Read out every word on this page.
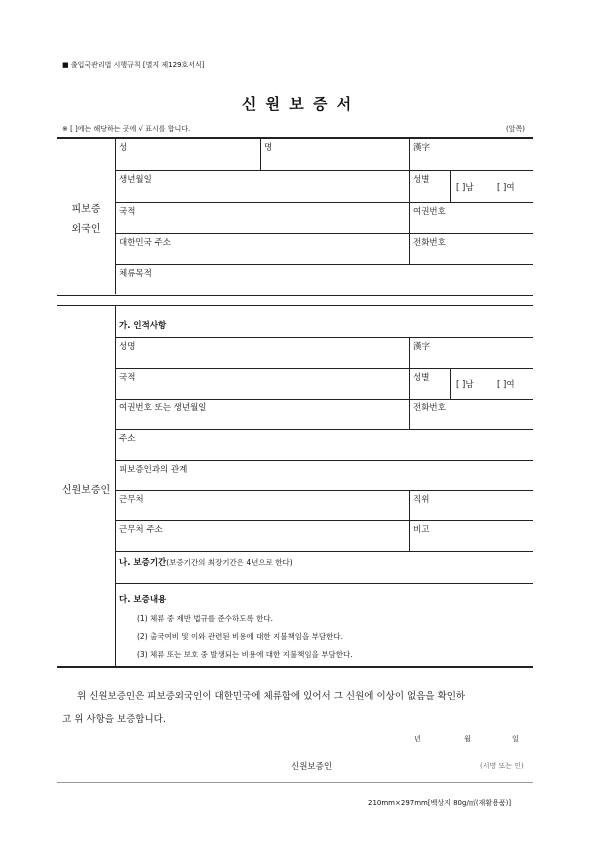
■ 출입국관리법 시행규칙 [별지 제129호서식]
신 원 보 증 서
※ [ ]에는 해당하는 곳에 √ 표시를 합니다.	(앞쪽)
피보증
외국인
성	명	漢字
생년월일	성별
[ ]남	[ ]여
국적	여권번호
대한민국 주소	전화번호
체류목적
신원보증인
가. 인적사항
성명	漢字
국적	성별
[ ]남	[ ]여
여권번호 또는 생년월일	전화번호
주소
피보증인과의 관계
근무처	직위
근무처 주소	비고
나. 보증기간(보증기간의 최장기간은 4년으로 한다)
다. 보증내용
(1) 체류 중 제반 법규를 준수하도록 한다.
(2) 출국여비 및 이와 관련된 비용에 대한 지불책임을 부담한다.
(3) 체류 또는 보호 중 발생되는 비용에 대한 지불책임을 부담한다.
위 신원보증인은 피보증외국인이 대한민국에 체류함에 있어서 그 신원에 이상이 없음을 확인하
고 위 사항을 보증합니다.
년	월	일
신원보증인	(서명 또는 인)
210mm×297mm[백상지 80g/㎡(재활용품)]
